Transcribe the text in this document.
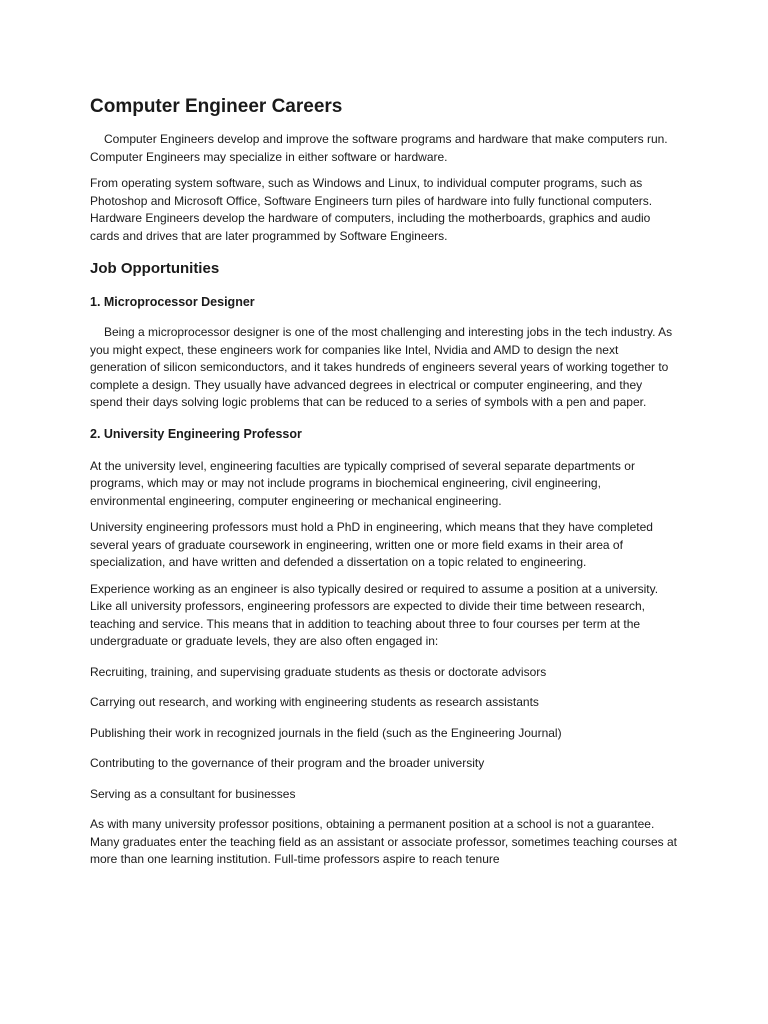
Computer Engineer Careers

Computer Engineers develop and improve the software programs and hardware that make computers run. Computer Engineers may specialize in either software or hardware.

From operating system software, such as Windows and Linux, to individual computer programs, such as Photoshop and Microsoft Office, Software Engineers turn piles of hardware into fully functional computers. Hardware Engineers develop the hardware of computers, including the motherboards, graphics and audio cards and drives that are later programmed by Software Engineers.

Job Opportunities
1. Microprocessor Designer

Being a microprocessor designer is one of the most challenging and interesting jobs in the tech industry. As you might expect, these engineers work for companies like Intel, Nvidia and AMD to design the next generation of silicon semiconductors, and it takes hundreds of engineers several years of working together to complete a design. They usually have advanced degrees in electrical or computer engineering, and they spend their days solving logic problems that can be reduced to a series of symbols with a pen and paper.

2. University Engineering Professor

At the university level, engineering faculties are typically comprised of several separate departments or programs, which may or may not include programs in biochemical engineering, civil engineering, environmental engineering, computer engineering or mechanical engineering.

University engineering professors must hold a PhD in engineering, which means that they have completed several years of graduate coursework in engineering, written one or more field exams in their area of specialization, and have written and defended a dissertation on a topic related to engineering.

Experience working as an engineer is also typically desired or required to assume a position at a university. Like all university professors, engineering professors are expected to divide their time between research, teaching and service. This means that in addition to teaching about three to four courses per term at the undergraduate or graduate levels, they are also often engaged in:

Recruiting, training, and supervising graduate students as thesis or doctorate advisors

Carrying out research, and working with engineering students as research assistants

Publishing their work in recognized journals in the field (such as the Engineering Journal)

Contributing to the governance of their program and the broader university

Serving as a consultant for businesses

As with many university professor positions, obtaining a permanent position at a school is not a guarantee. Many graduates enter the teaching field as an assistant or associate professor, sometimes teaching courses at more than one learning institution. Full-time professors aspire to reach tenure
